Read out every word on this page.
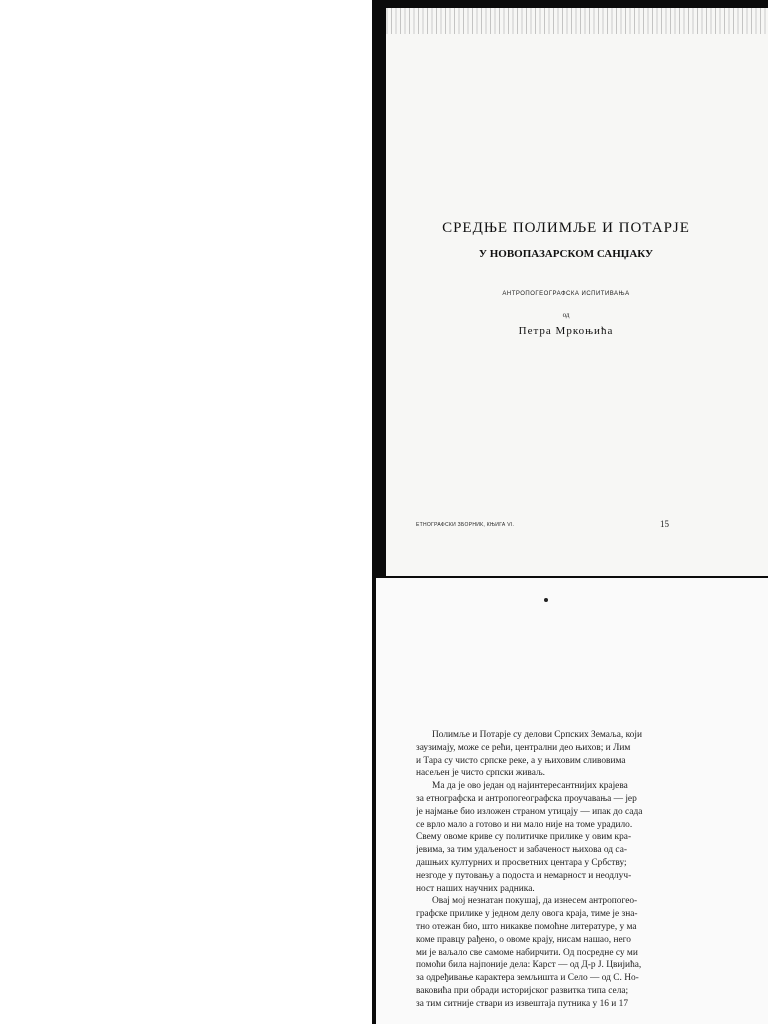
СРЕДЊЕ ПОЛИМЉЕ И ПОТАРЈЕ
У НОВОПАЗАРСКОМ САНЏАКУ
АНТРОПОГЕОГРАФСКА ИСПИТИВАЊА
од
Петра Мркоњића
ЕТНОГРАФСКИ ЗБОРНИК, КЊИГА VI.	15
Полимље и Потарје су делови Српских Земаља, који
заузимају, може се рећи, централни део њихов; и Лим
и Тара су чисто српске реке, а у њиховим сливовима
насељен је чисто српски живаљ.
Ма да је ово један од најинтересантнијих крајева
за етнографска и антропогеографска проучавања — јер
је најмање био изложен страном утицају — ипак до сада
се врло мало а готово и ни мало није на томе урадило.
Свему овоме криве су политичке прилике у овим кра-
јевима, за тим удаљеност и забаченост њихова од са-
дашњих културних и просветних центара у Србству;
незгоде у путовању а подоста и немарност и неодлуч-
ност наших научних радника.
Овај мој незнатан покушај, да изнесем антропогео-
графске прилике у једном делу овога краја, тиме је зна-
тно отежан био, што никакве помоћне литературе, у ма
коме правцу рађено, о овоме крају, нисам нашао, него
ми је ваљало све самоме набирчити. Од посредне су ми
помоћи била најпоније дела: Карст — од Д-р Ј. Цвијића,
за одређивање карактера земљишта и Село — од С. Но-
ваковића при обради историјског развитка типа села;
за тим ситније ствари из извештаја путника у 16 и 17
